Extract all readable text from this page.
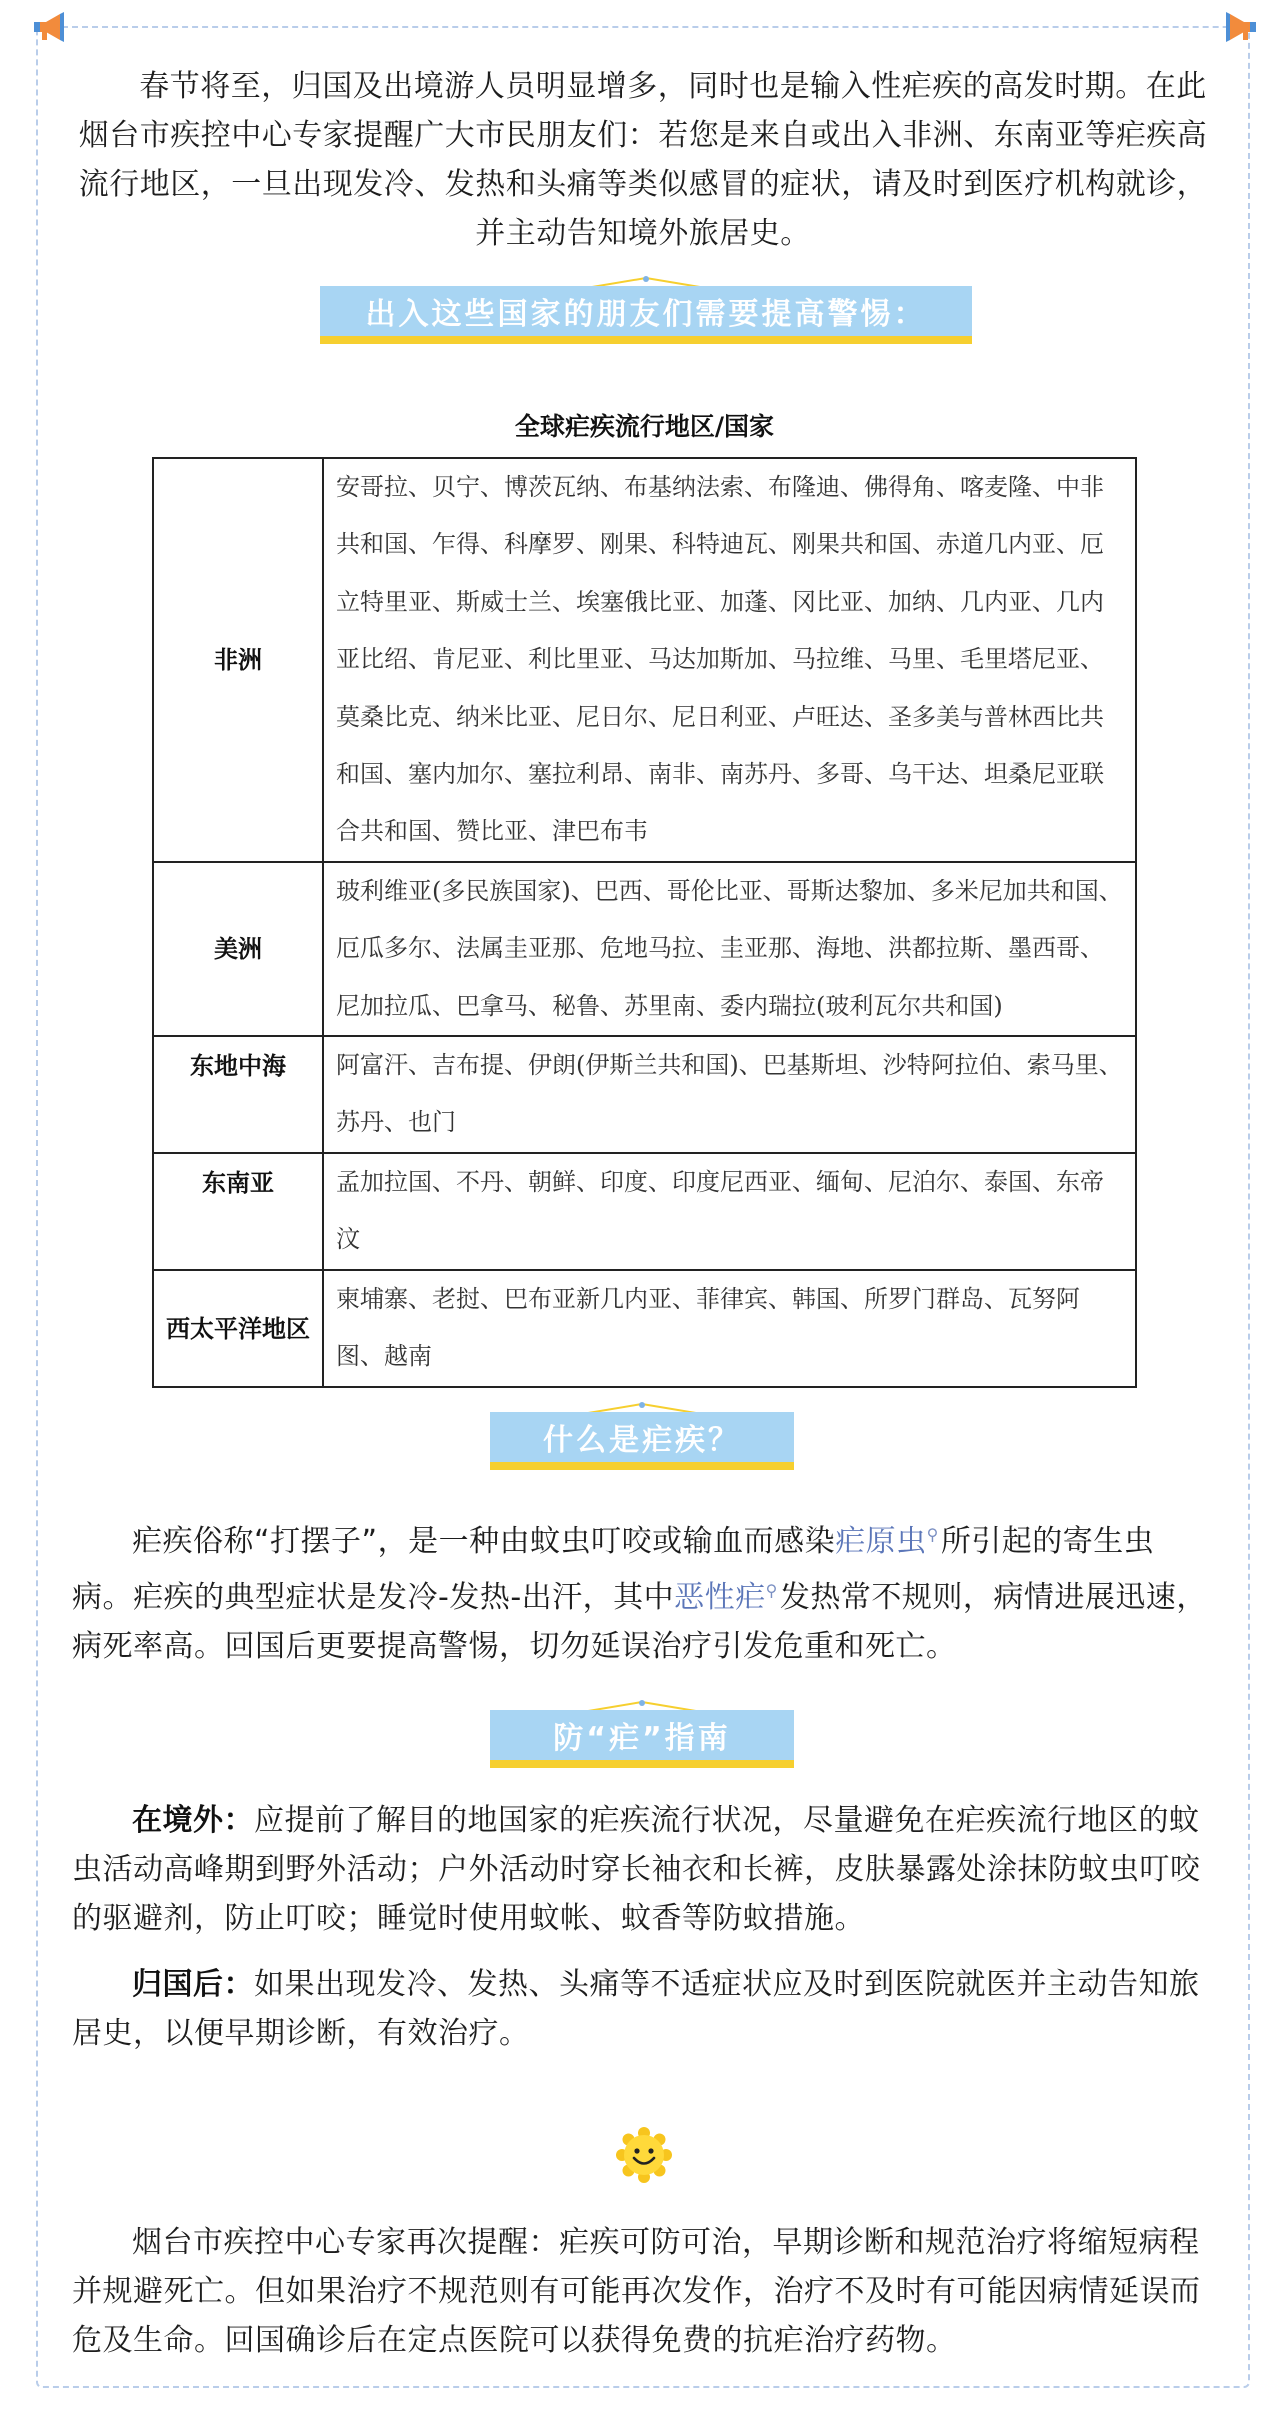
春节将至，归国及出境游人员明显增多，同时也是输入性疟疾的高发时期。在此烟台市疾控中心专家提醒广大市民朋友们：若您是来自或出入非洲、东南亚等疟疾高流行地区，一旦出现发冷、发热和头痛等类似感冒的症状，请及时到医疗机构就诊，并主动告知境外旅居史。

出入这些国家的朋友们需要提高警惕：
全球疟疾流行地区/国家
非洲	安哥拉、贝宁、博茨瓦纳、布基纳法索、布隆迪、佛得角、喀麦隆、中非共和国、乍得、科摩罗、刚果、科特迪瓦、刚果共和国、赤道几内亚、厄立特里亚、斯威士兰、埃塞俄比亚、加蓬、冈比亚、加纳、几内亚、几内亚比绍、肯尼亚、利比里亚、马达加斯加、马拉维、马里、毛里塔尼亚、莫桑比克、纳米比亚、尼日尔、尼日利亚、卢旺达、圣多美与普林西比共和国、塞内加尔、塞拉利昂、南非、南苏丹、多哥、乌干达、坦桑尼亚联合共和国、赞比亚、津巴布韦
美洲	玻利维亚(多民族国家)、巴西、哥伦比亚、哥斯达黎加、多米尼加共和国、厄瓜多尔、法属圭亚那、危地马拉、圭亚那、海地、洪都拉斯、墨西哥、尼加拉瓜、巴拿马、秘鲁、苏里南、委内瑞拉(玻利瓦尔共和国)
东地中海	阿富汗、吉布提、伊朗(伊斯兰共和国)、巴基斯坦、沙特阿拉伯、索马里、苏丹、也门
东南亚	孟加拉国、不丹、朝鲜、印度、印度尼西亚、缅甸、尼泊尔、泰国、东帝汶
西太平洋地区	柬埔寨、老挝、巴布亚新几内亚、菲律宾、韩国、所罗门群岛、瓦努阿图、越南
什么是疟疾？

疟疾俗称“打摆子”，是一种由蚊虫叮咬或输血而感染疟原虫⚲所引起的寄生虫病。疟疾的典型症状是发冷-发热-出汗，其中恶性疟⚲发热常不规则，病情进展迅速，病死率高。回国后更要提高警惕，切勿延误治疗引发危重和死亡。

防“疟”指南

在境外：应提前了解目的地国家的疟疾流行状况，尽量避免在疟疾流行地区的蚊虫活动高峰期到野外活动；户外活动时穿长袖衣和长裤，皮肤暴露处涂抹防蚊虫叮咬的驱避剂，防止叮咬；睡觉时使用蚊帐、蚊香等防蚊措施。

归国后：如果出现发冷、发热、头痛等不适症状应及时到医院就医并主动告知旅居史，以便早期诊断，有效治疗。

烟台市疾控中心专家再次提醒：疟疾可防可治，早期诊断和规范治疗将缩短病程并规避死亡。但如果治疗不规范则有可能再次发作，治疗不及时有可能因病情延误而危及生命。回国确诊后在定点医院可以获得免费的抗疟治疗药物。
